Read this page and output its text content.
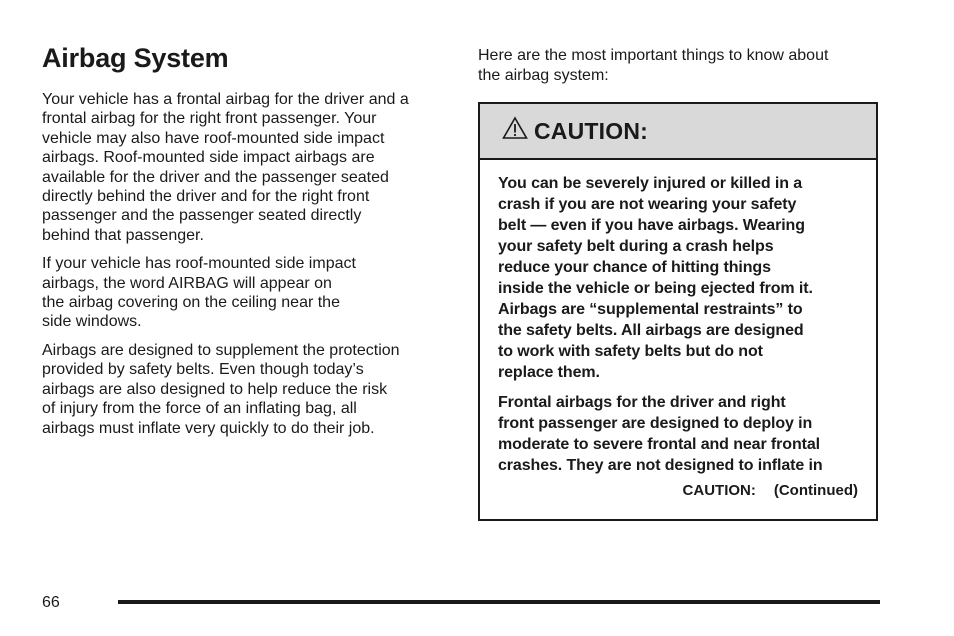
Airbag System

Your vehicle has a frontal airbag for the driver and a
frontal airbag for the right front passenger. Your
vehicle may also have roof-mounted side impact
airbags. Roof-mounted side impact airbags are
available for the driver and the passenger seated
directly behind the driver and for the right front
passenger and the passenger seated directly
behind that passenger.

If your vehicle has roof-mounted side impact
airbags, the word AIRBAG will appear on
the airbag covering on the ceiling near the
side windows.

Airbags are designed to supplement the protection
provided by safety belts. Even though today’s
airbags are also designed to help reduce the risk
of injury from the force of an inflating bag, all
airbags must inflate very quickly to do their job.

Here are the most important things to know about
the airbag system:

CAUTION:

You can be severely injured or killed in a
crash if you are not wearing your safety
belt — even if you have airbags. Wearing
your safety belt during a crash helps
reduce your chance of hitting things
inside the vehicle or being ejected from it.
Airbags are “supplemental restraints” to
the safety belts. All airbags are designed
to work with safety belts but do not
replace them.

Frontal airbags for the driver and right
front passenger are designed to deploy in
moderate to severe frontal and near frontal
crashes. They are not designed to inflate in

CAUTION: (Continued)
66
